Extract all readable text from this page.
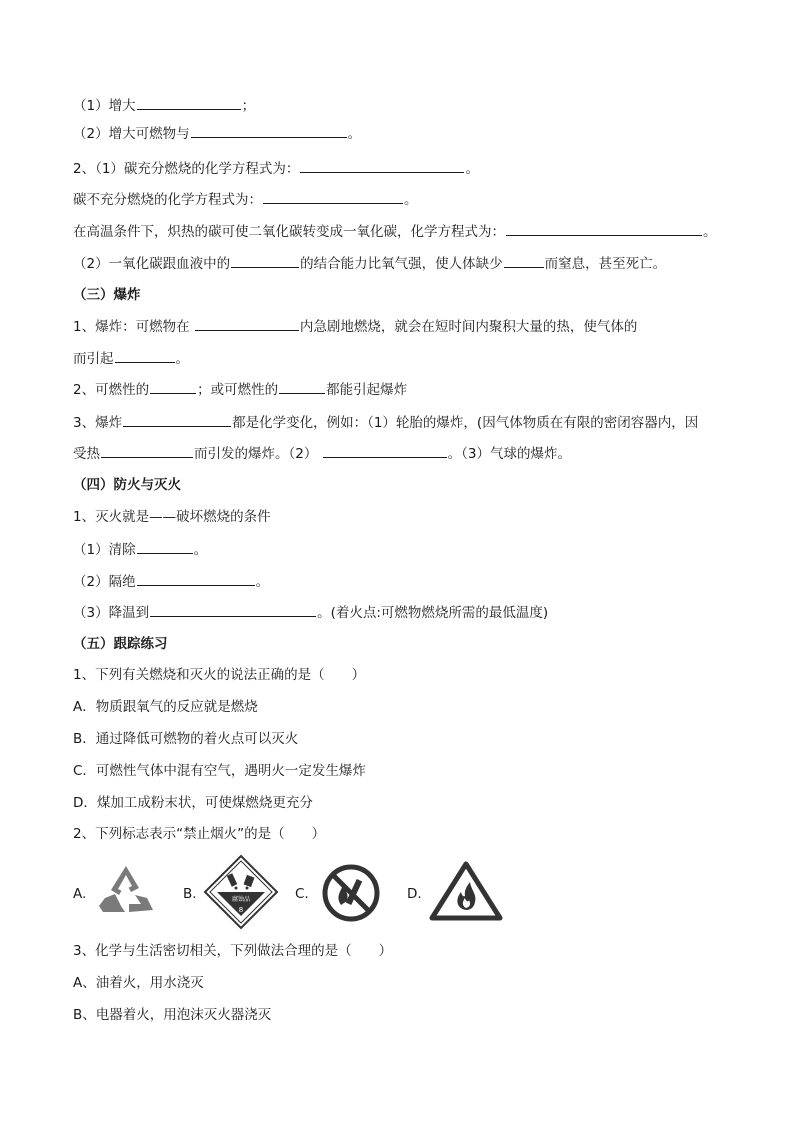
（1）增大	；
（2）增大可燃物与	。
2、（1）碳充分燃烧的化学方程式为：	。
碳不充分燃烧的化学方程式为：	。
在高温条件下，炽热的碳可使二氧化碳转变成一氧化碳，化学方程式为：	。
（2）一氧化碳跟血液中的	的结合能力比氧气强，使人体缺少	而窒息，甚至死亡。
（三）爆炸
1、爆炸：可燃物在	内急剧地燃烧，就会在短时间内聚积大量的热，使气体的
而引起	。
2、可燃性的	；或可燃性的	都能引起爆炸
3、爆炸	都是化学变化，例如：（1）轮胎的爆炸，(因气体物质在有限的密闭容器内，因
受热	而引发的爆炸。（2）	。（3）气球的爆炸。
（四）防火与灭火
1、灭火就是——破坏燃烧的条件
（1）清除	。
（2）隔绝	。
（3）降温到	。(着火点:可燃物燃烧所需的最低温度)
（五）跟踪练习
1、下列有关燃烧和灭火的说法正确的是（　　）
A．物质跟氧气的反应就是燃烧
B．通过降低可燃物的着火点可以灭火
C．可燃性气体中混有空气，遇明火一定发生爆炸
D．煤加工成粉末状，可使煤燃烧更充分
2、下列标志表示“禁止烟火”的是（　　）
A.	B.	腐蚀品
8
C.	D.
3、化学与生活密切相关，下列做法合理的是（　　）
A、油着火，用水浇灭
B、电器着火，用泡沫灭火器浇灭
